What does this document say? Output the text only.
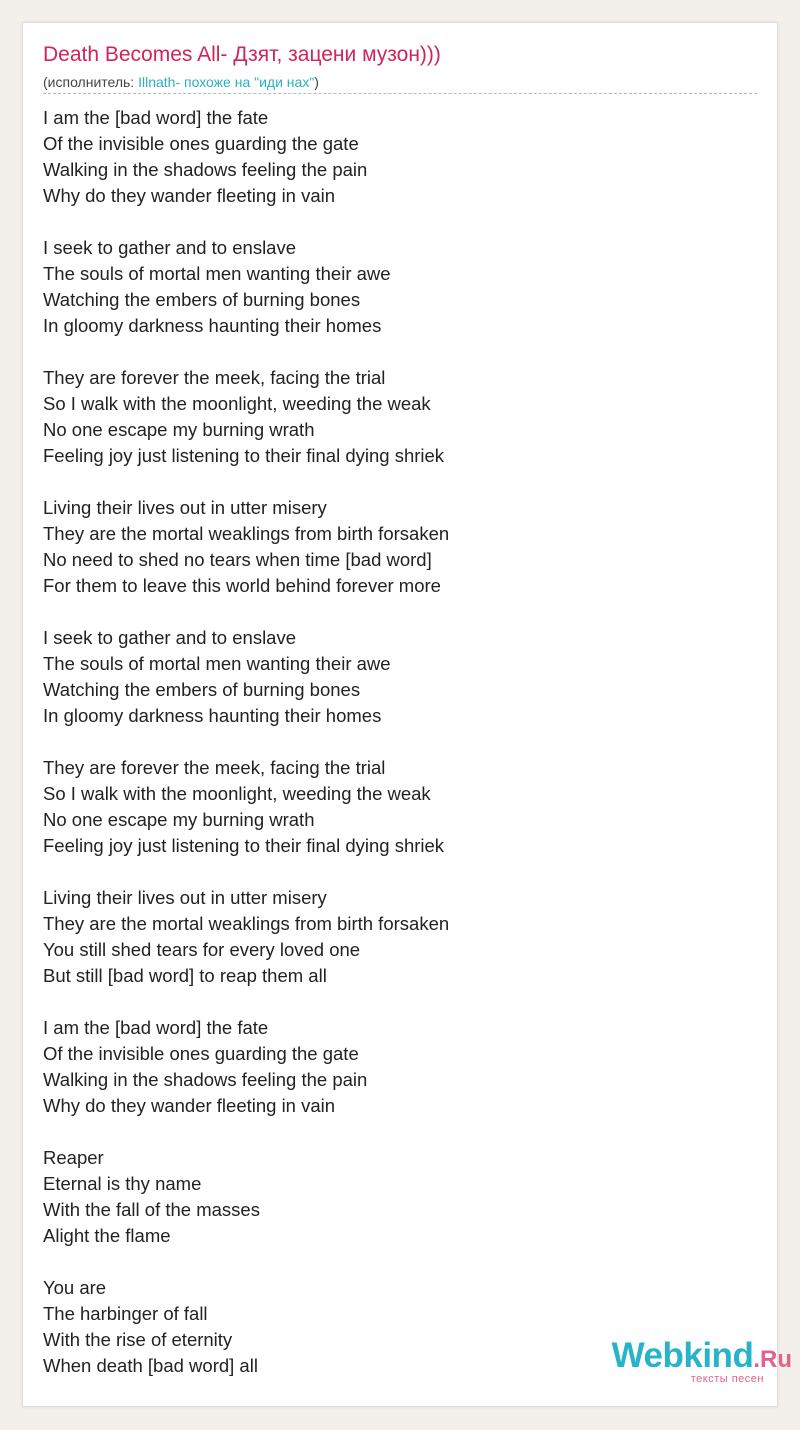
Death Becomes All- Дзят, зацени музон)))
(исполнитель: Illnath- похоже на "иди нах")
I am the [bad word] the fate
Of the invisible ones guarding the gate
Walking in the shadows feeling the pain
Why do they wander fleeting in vain
I seek to gather and to enslave
The souls of mortal men wanting their awe
Watching the embers of burning bones
In gloomy darkness haunting their homes
They are forever the meek, facing the trial
So I walk with the moonlight, weeding the weak
No one escape my burning wrath
Feeling joy just listening to their final dying shriek
Living their lives out in utter misery
They are the mortal weaklings from birth forsaken
No need to shed no tears when time [bad word]
For them to leave this world behind forever more
I seek to gather and to enslave
The souls of mortal men wanting their awe
Watching the embers of burning bones
In gloomy darkness haunting their homes
They are forever the meek, facing the trial
So I walk with the moonlight, weeding the weak
No one escape my burning wrath
Feeling joy just listening to their final dying shriek
Living their lives out in utter misery
They are the mortal weaklings from birth forsaken
You still shed tears for every loved one
But still [bad word] to reap them all
I am the [bad word] the fate
Of the invisible ones guarding the gate
Walking in the shadows feeling the pain
Why do they wander fleeting in vain
Reaper
Eternal is thy name
With the fall of the masses
Alight the flame
You are
The harbinger of fall
With the rise of eternity
When death [bad word] all	Webkind.Ru
тексты песен
